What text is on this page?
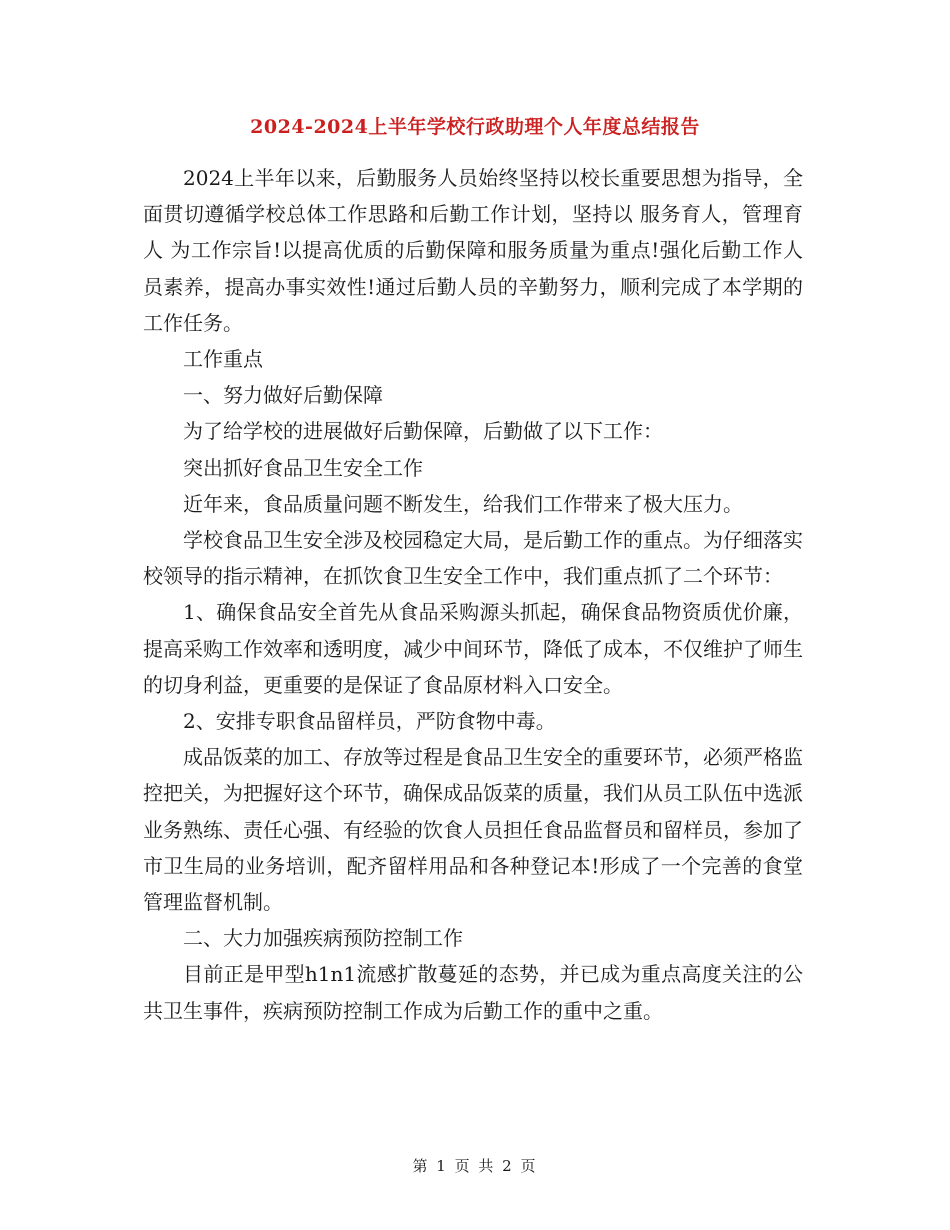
2024-2024上半年学校行政助理个人年度总结报告

2024上半年以来，后勤服务人员始终坚持以校长重要思想为指导，全面贯切遵循学校总体工作思路和后勤工作计划，坚持以 服务育人，管理育人 为工作宗旨!以提高优质的后勤保障和服务质量为重点!强化后勤工作人员素养，提高办事实效性!通过后勤人员的辛勤努力，顺利完成了本学期的工作任务。

工作重点

一、努力做好后勤保障

为了给学校的进展做好后勤保障，后勤做了以下工作：

突出抓好食品卫生安全工作

近年来，食品质量问题不断发生，给我们工作带来了极大压力。

学校食品卫生安全涉及校园稳定大局，是后勤工作的重点。为仔细落实校领导的指示精神，在抓饮食卫生安全工作中，我们重点抓了二个环节：

1、确保食品安全首先从食品采购源头抓起，确保食品物资质优价廉，提高采购工作效率和透明度，减少中间环节，降低了成本，不仅维护了师生的切身利益，更重要的是保证了食品原材料入口安全。

2、安排专职食品留样员，严防食物中毒。

成品饭菜的加工、存放等过程是食品卫生安全的重要环节，必须严格监控把关，为把握好这个环节，确保成品饭菜的质量，我们从员工队伍中选派业务熟练、责任心强、有经验的饮食人员担任食品监督员和留样员，参加了市卫生局的业务培训，配齐留样用品和各种登记本!形成了一个完善的食堂管理监督机制。

二、大力加强疾病预防控制工作

目前正是甲型h1n1流感扩散蔓延的态势，并已成为重点高度关注的公共卫生事件，疾病预防控制工作成为后勤工作的重中之重。

第 1 页 共 2 页
